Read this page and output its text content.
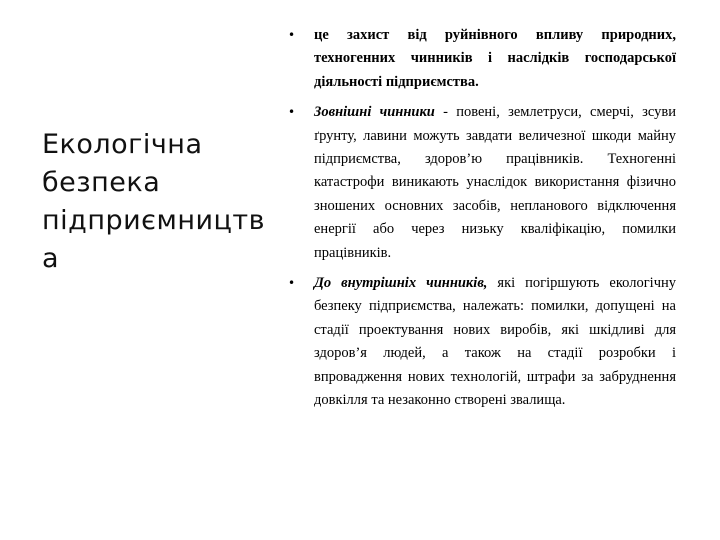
Екологічна безпека підприємництв а
• це захист від руйнівного впливу природних, техногенних чинників і наслідків господарської діяльності підприємства.
• Зовнішні чинники - повені, землетруси, смерчі, зсуви ґрунту, лавини можуть завдати величезної шкоди майну підприємства, здоров’ю працівників. Техногенні катастрофи виникають унаслідок використання фізично зношених основних засобів, непланового відключення енергії або через низьку кваліфікацію, помилки працівників.
• До внутрішніх чинників, які погіршують екологічну безпеку підприємства, належать: помилки, допущені на стадії проектування нових виробів, які шкідливі для здоров’я людей, а також на стадії розробки і впровадження нових технологій, штрафи за забруднення довкілля та незаконно створені звалища.
